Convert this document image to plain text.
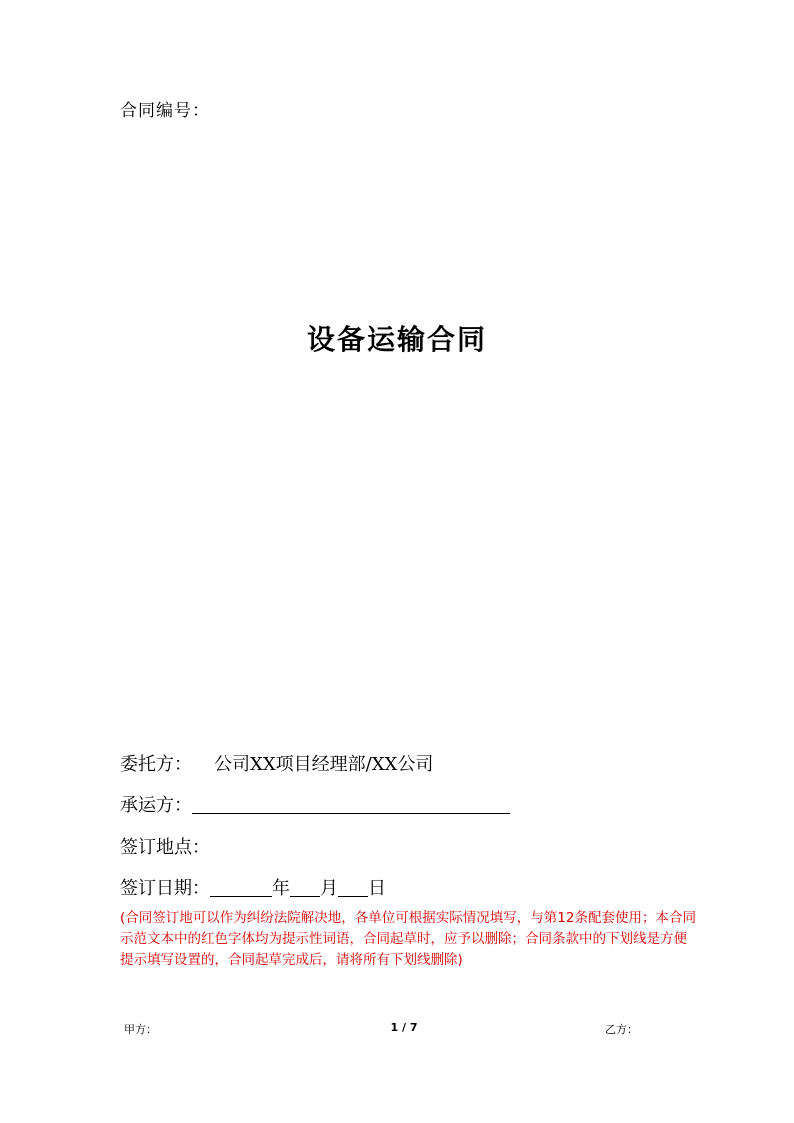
合同编号：
设备运输合同
委托方： 公司XX项目经理部/XX公司
承运方：
签订地点：
签订日期：	年 月 日
(合同签订地可以作为纠纷法院解决地，各单位可根据实际情况填写，与第12条配套使用；本合同示范文本中的红色字体均为提示性词语，合同起草时，应予以删除；合同条款中的下划线是方便提示填写设置的，合同起草完成后，请将所有下划线删除)
甲方：	1 / 7	乙方：
